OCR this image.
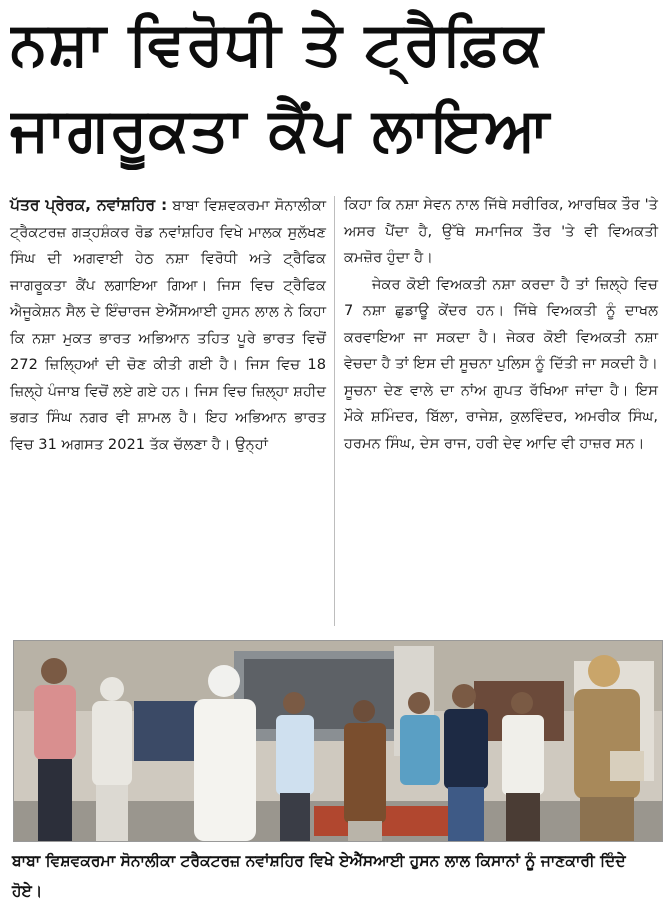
ਨਸ਼ਾ ਵਿਰੋਧੀ ਤੇ ਟ੍ਰੈਫ਼ਿਕ
ਜਾਗਰੂਕਤਾ ਕੈਂਪ ਲਾਇਆ

ਪੱਤਰ ਪ੍ਰੇਰਕ, ਨਵਾਂਸ਼ਹਿਰ : ਬਾਬਾ ਵਿਸ਼ਵਕਰਮਾ ਸੋਨਾਲੀਕਾ ਟ੍ਰੈਕਟਰਜ਼ ਗੜ੍ਹਸ਼ੰਕਰ ਰੋਡ ਨਵਾਂਸ਼ਹਿਰ ਵਿਖੇ ਮਾਲਕ ਸੁਲੱਖਣ ਸਿੰਘ ਦੀ ਅਗਵਾਈ ਹੇਠ ਨਸ਼ਾ ਵਿਰੋਧੀ ਅਤੇ ਟ੍ਰੈਫਿਕ ਜਾਗਰੂਕਤਾ ਕੈਂਪ ਲਗਾਇਆ ਗਿਆ। ਜਿਸ ਵਿਚ ਟ੍ਰੈਫਿਕ ਐਜੂਕੇਸ਼ਨ ਸੈਲ ਦੇ ਇੰਚਾਰਜ ਏਐੱਸਆਈ ਹੁਸਨ ਲਾਲ ਨੇ ਕਿਹਾ ਕਿ ਨਸ਼ਾ ਮੁਕਤ ਭਾਰਤ ਅਭਿਆਨ ਤਹਿਤ ਪੂਰੇ ਭਾਰਤ ਵਿਚੋਂ 272 ਜ਼ਿਲ੍ਹਿਆਂ ਦੀ ਚੋਣ ਕੀਤੀ ਗਈ ਹੈ। ਜਿਸ ਵਿਚ 18 ਜ਼ਿਲ੍ਹੇ ਪੰਜਾਬ ਵਿਚੋਂ ਲਏ ਗਏ ਹਨ। ਜਿਸ ਵਿਚ ਜ਼ਿਲ੍ਹਾ ਸ਼ਹੀਦ ਭਗਤ ਸਿੰਘ ਨਗਰ ਵੀ ਸ਼ਾਮਲ ਹੈ। ਇਹ ਅਭਿਆਨ ਭਾਰਤ ਵਿਚ 31 ਅਗਸਤ 2021 ਤੱਕ ਚੱਲਣਾ ਹੈ। ਉਨ੍ਹਾਂ

ਕਿਹਾ ਕਿ ਨਸ਼ਾ ਸੇਵਨ ਨਾਲ ਜਿੱਥੇ ਸਰੀਰਿਕ, ਆਰਥਿਕ ਤੌਰ 'ਤੇ ਅਸਰ ਪੈਂਦਾ ਹੈ, ਉੱਥੇ ਸਮਾਜਿਕ ਤੌਰ 'ਤੇ ਵੀ ਵਿਅਕਤੀ ਕਮਜ਼ੋਰ ਹੁੰਦਾ ਹੈ।

ਜੇਕਰ ਕੋਈ ਵਿਅਕਤੀ ਨਸ਼ਾ ਕਰਦਾ ਹੈ ਤਾਂ ਜ਼ਿਲ੍ਹੇ ਵਿਚ 7 ਨਸ਼ਾ ਛੁਡਾਊ ਕੇਂਦਰ ਹਨ। ਜਿੱਥੇ ਵਿਅਕਤੀ ਨੂੰ ਦਾਖਲ ਕਰਵਾਇਆ ਜਾ ਸਕਦਾ ਹੈ। ਜੇਕਰ ਕੋਈ ਵਿਅਕਤੀ ਨਸ਼ਾ ਵੇਚਦਾ ਹੈ ਤਾਂ ਇਸ ਦੀ ਸੂਚਨਾ ਪੁਲਿਸ ਨੂੰ ਦਿੱਤੀ ਜਾ ਸਕਦੀ ਹੈ। ਸੂਚਨਾ ਦੇਣ ਵਾਲੇ ਦਾ ਨਾਂਅ ਗੁਪਤ ਰੱਖਿਆ ਜਾਂਦਾ ਹੈ। ਇਸ ਮੌਕੇ ਸ਼ਮਿੰਦਰ, ਬਿੱਲਾ, ਰਾਜੇਸ਼, ਕੁਲਵਿੰਦਰ, ਅਮਰੀਕ ਸਿੰਘ, ਹਰਮਨ ਸਿੰਘ, ਦੇਸ ਰਾਜ, ਹਰੀ ਦੇਵ ਆਦਿ ਵੀ ਹਾਜ਼ਰ ਸਨ।

ਬਾਬਾ ਵਿਸ਼ਵਕਰਮਾ ਸੋਨਾਲੀਕਾ ਟਰੈਕਟਰਜ਼ ਨਵਾਂਸ਼ਹਿਰ ਵਿਖੇ ਏਐੱਸਆਈ ਹੁਸਨ ਲਾਲ ਕਿਸਾਨਾਂ ਨੂੰ ਜਾਣਕਾਰੀ ਦਿੰਦੇ ਹੋਏ।
